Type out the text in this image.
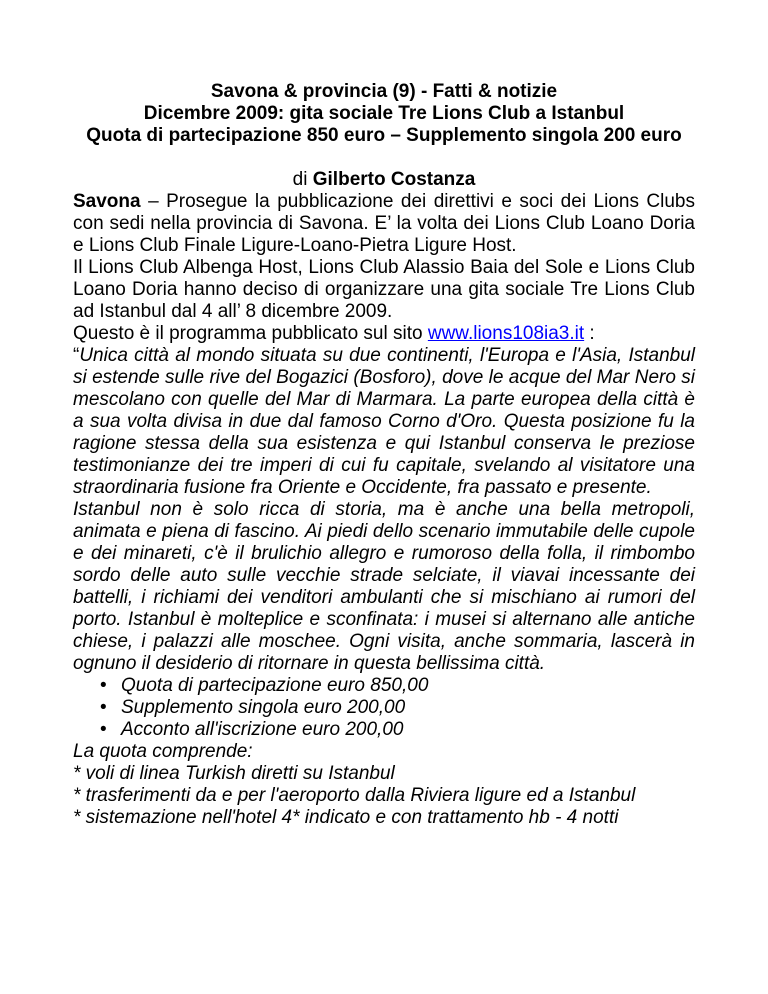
Savona & provincia (9) - Fatti & notizie
Dicembre 2009: gita sociale Tre Lions Club a Istanbul
Quota di partecipazione 850 euro – Supplemento singola 200 euro
di Gilberto Costanza

Savona – Prosegue la pubblicazione dei direttivi e soci dei Lions Clubs con sedi nella provincia di Savona. E’ la volta dei Lions Club Loano Doria e Lions Club Finale Ligure-Loano-Pietra Ligure Host.

Il Lions Club Albenga Host, Lions Club Alassio Baia del Sole e Lions Club Loano Doria hanno deciso di organizzare una gita sociale Tre Lions Club ad Istanbul dal 4 all’ 8 dicembre 2009.

Questo è il programma pubblicato sul sito www.lions108ia3.it :

“Unica città al mondo situata su due continenti, l'Europa e l'Asia, Istanbul si estende sulle rive del Bogazici (Bosforo), dove le acque del Mar Nero si mescolano con quelle del Mar di Marmara. La parte europea della città è a sua volta divisa in due dal famoso Corno d'Oro. Questa posizione fu la ragione stessa della sua esistenza e qui Istanbul conserva le preziose testimonianze dei tre imperi di cui fu capitale, svelando al visitatore una straordinaria fusione fra Oriente e Occidente, fra passato e presente.

Istanbul non è solo ricca di storia, ma è anche una bella metropoli, animata e piena di fascino. Ai piedi dello scenario immutabile delle cupole e dei minareti, c'è il brulichio allegro e rumoroso della folla, il rimbombo sordo delle auto sulle vecchie strade selciate, il viavai incessante dei battelli, i richiami dei venditori ambulanti che si mischiano ai rumori del porto. Istanbul è molteplice e sconfinata: i musei si alternano alle antiche chiese, i palazzi alle moschee. Ogni visita, anche sommaria, lascerà in ognuno il desiderio di ritornare in questa bellissima città.

• Quota di partecipazione euro 850,00
• Supplemento singola euro 200,00
• Acconto all'iscrizione euro 200,00

La quota comprende:

* voli di linea Turkish diretti su Istanbul

* trasferimenti da e per l'aeroporto dalla Riviera ligure ed a Istanbul

* sistemazione nell'hotel 4* indicato e con trattamento hb - 4 notti
